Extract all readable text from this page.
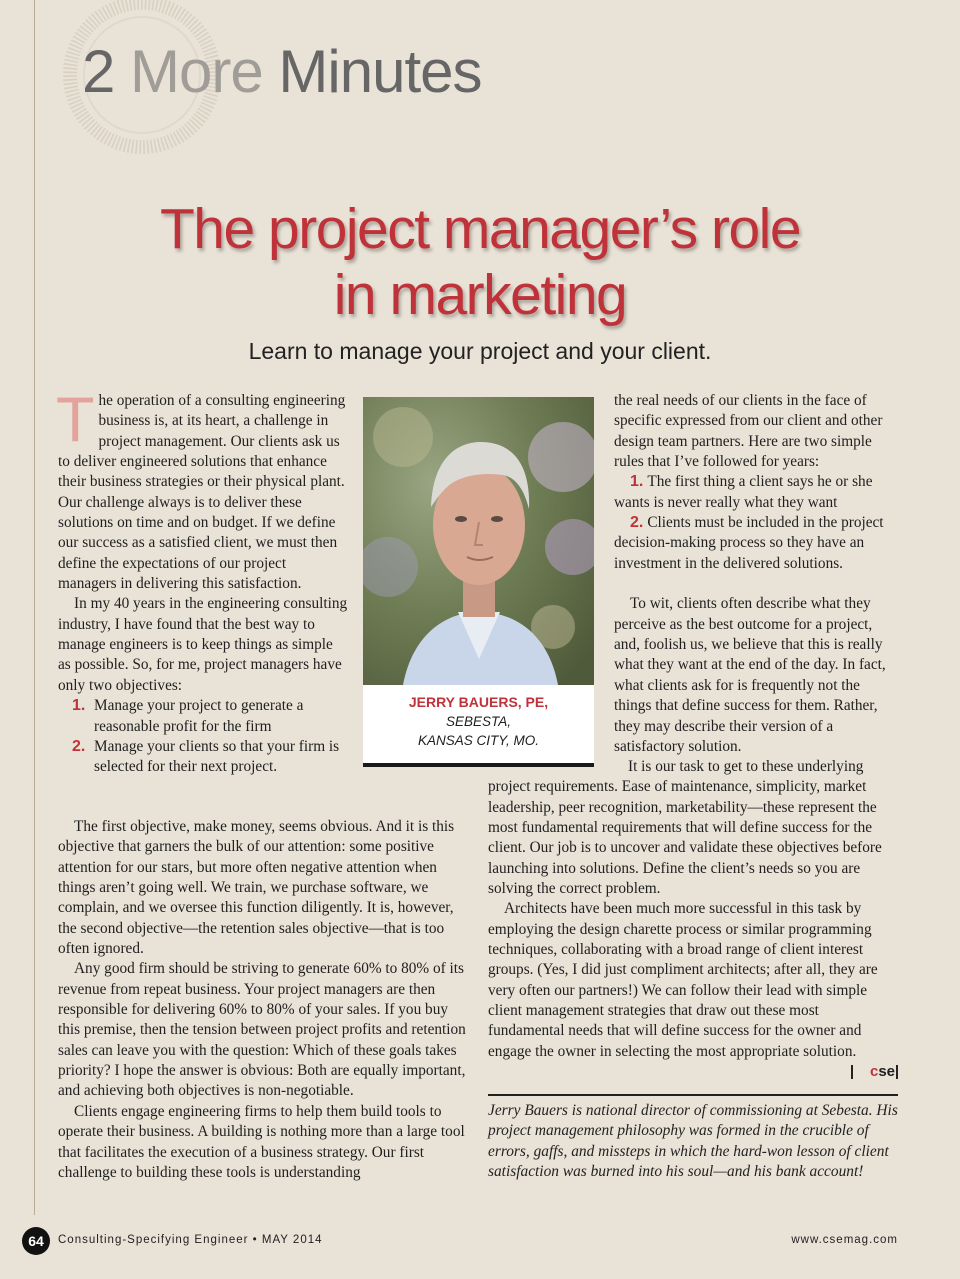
2 More Minutes
The project manager’s role
in marketing

Learn to manage your project and your client.

The operation of a consulting engineering business is, at its heart, a challenge in project management. Our clients ask us to deliver engineered solutions that enhance their business strategies or their physical plant. Our challenge always is to deliver these solutions on time and on budget. If we define our success as a satisfied client, we must then define the expectations of our project managers in delivering this satisfaction.

In my 40 years in the engineering consulting industry, I have found that the best way to manage engineers is to keep things as simple as possible. So, for me, project managers have only two objectives:

1. Manage your project to generate a reasonable profit for the firm
2. Manage your clients so that your firm is selected for their next project.

The first objective, make money, seems obvious. And it is this objective that garners the bulk of our attention: some positive attention for our stars, but more often negative attention when things aren’t going well. We train, we purchase software, we complain, and we oversee this function diligently. It is, however, the second objective—the retention sales objective—that is too often ignored.

Any good firm should be striving to generate 60% to 80% of its revenue from repeat business. Your project managers are then responsible for delivering 60% to 80% of your sales. If you buy this premise, then the tension between project profits and retention sales can leave you with the question: Which of these goals takes priority? I hope the answer is obvious: Both are equally important, and achieving both objectives is non-negotiable.

Clients engage engineering firms to help them build tools to operate their business. A building is nothing more than a large tool that facilitates the execution of a business strategy. Our first challenge to building these tools is understanding

JERRY BAUERS, PE,
SEBESTA,
KANSAS CITY, MO.

the real needs of our clients in the face of specific expressed from our client and other design team partners. Here are two simple rules that I’ve followed for years:

1. The first thing a client says he or she wants is never really what they want

2. Clients must be included in the project decision-making process so they have an investment in the delivered solutions.

To wit, clients often describe what they perceive as the best outcome for a project, and, foolish us, we believe that this is really what they want at the end of the day. In fact, what clients ask for is frequently not the things that define success for them. Rather, they may describe their version of a satisfactory solution.

It is our task to get to these underlying project requirements. Ease of maintenance, simplicity, market leadership, peer recognition, marketability—these represent the most fundamental requirements that will define success for the client. Our job is to uncover and validate these objectives before launching into solutions. Define the client’s needs so you are solving the correct problem.

Architects have been much more successful in this task by employing the design charette process or similar programming techniques, collaborating with a broad range of client interest groups. (Yes, I did just compliment architects; after all, they are very often our partners!) We can follow their lead with simple client management strategies that draw out these most fundamental needs that will define success for the owner and engage the owner in selecting the most appropriate solution.
cse

Jerry Bauers is national director of commissioning at Sebesta. His project management philosophy was formed in the crucible of errors, gaffs, and missteps in which the hard-won lesson of client satisfaction was burned into his soul—and his bank account!

64	Consulting-Specifying Engineer • MAY 2014	www.csemag.com
